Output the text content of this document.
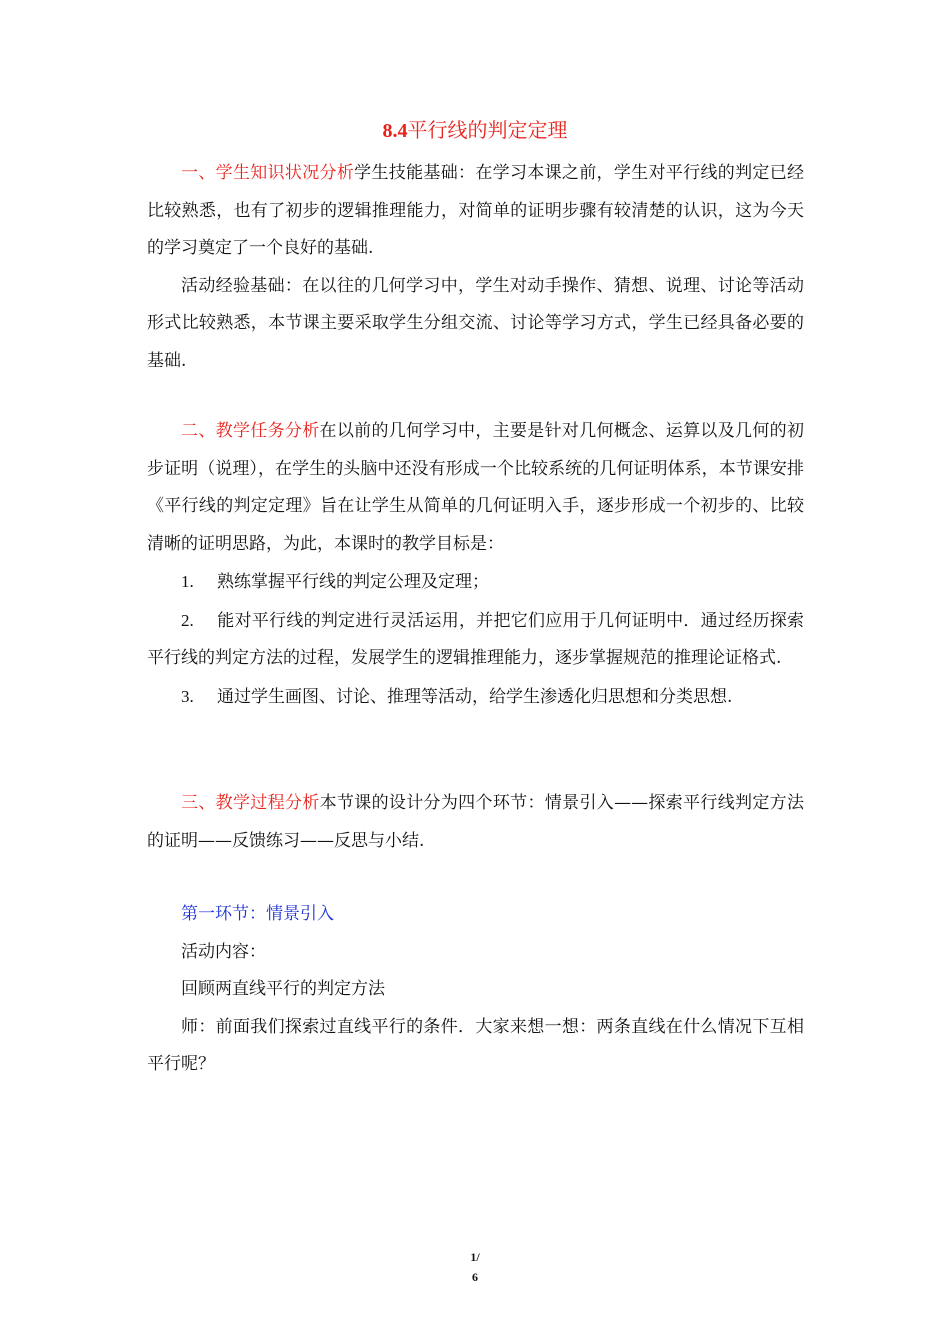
8.4平行线的判定定理

一、学生知识状况分析学生技能基础：在学习本课之前，学生对平行线的判定已经比较熟悉，也有了初步的逻辑推理能力，对简单的证明步骤有较清楚的认识，这为今天的学习奠定了一个良好的基础.

活动经验基础：在以往的几何学习中，学生对动手操作、猜想、说理、讨论等活动形式比较熟悉，本节课主要采取学生分组交流、讨论等学习方式，学生已经具备必要的基础.

二、教学任务分析在以前的几何学习中，主要是针对几何概念、运算以及几何的初步证明（说理），在学生的头脑中还没有形成一个比较系统的几何证明体系，本节课安排《平行线的判定定理》旨在让学生从简单的几何证明入手，逐步形成一个初步的、比较清晰的证明思路，为此，本课时的教学目标是：

1. 熟练掌握平行线的判定公理及定理；

2. 能对平行线的判定进行灵活运用，并把它们应用于几何证明中．通过经历探索平行线的判定方法的过程，发展学生的逻辑推理能力，逐步掌握规范的推理论证格式.

3. 通过学生画图、讨论、推理等活动，给学生渗透化归思想和分类思想.

三、教学过程分析本节课的设计分为四个环节：情景引入——探索平行线判定方法的证明——反馈练习——反思与小结.

第一环节：情景引入

活动内容：

回顾两直线平行的判定方法

师：前面我们探索过直线平行的条件．大家来想一想：两条直线在什么情况下互相平行呢？

1/
6
